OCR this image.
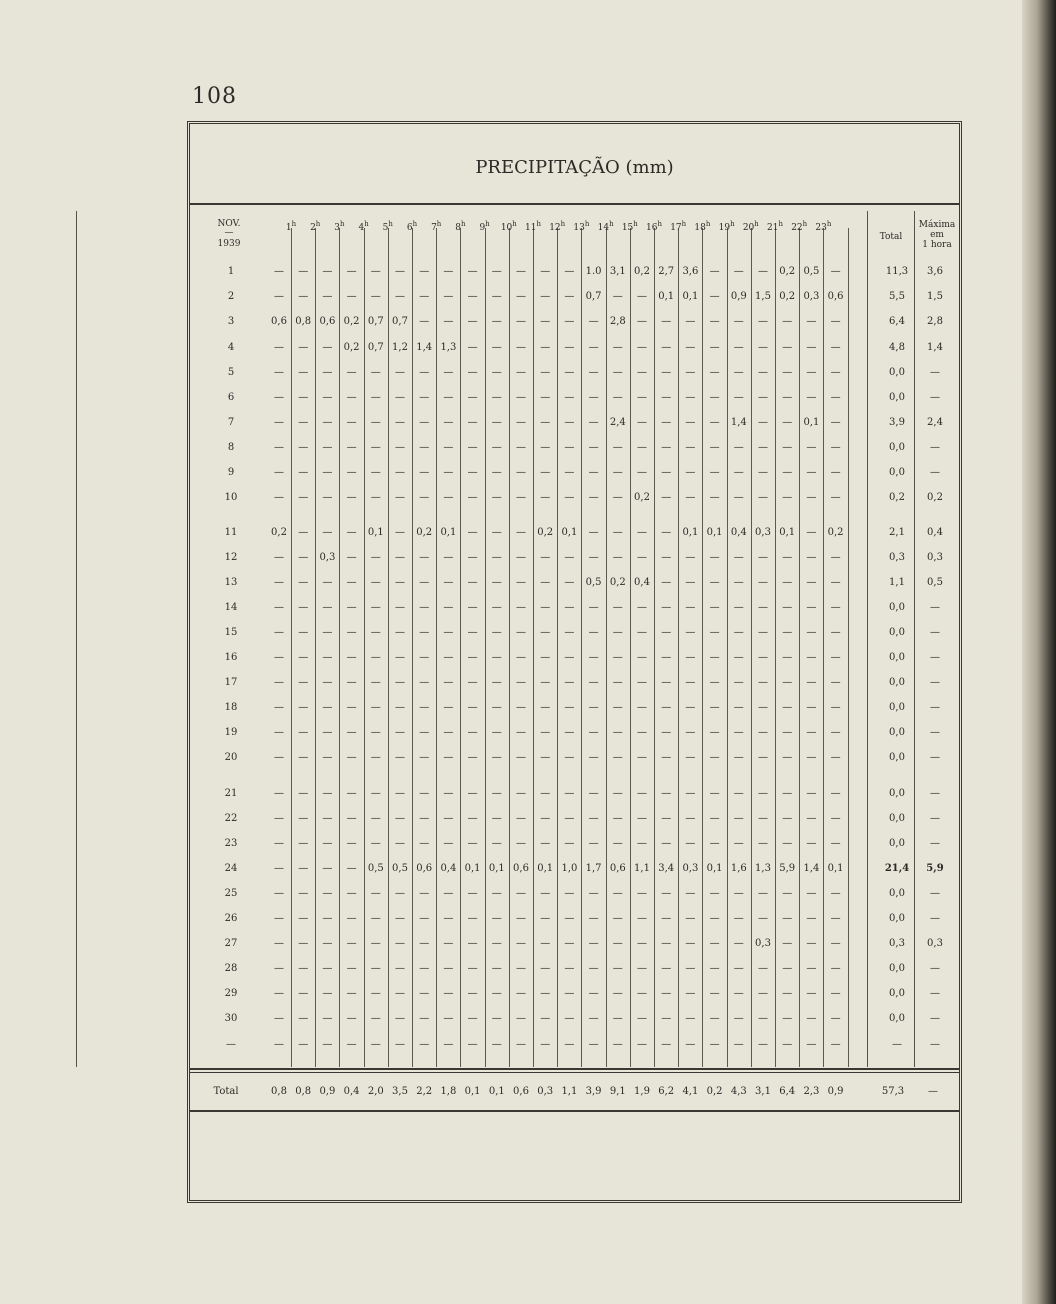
108
PRECIPITAÇÃO (mm)
NOV.
—
1939
Total
Máxima
em
1 hora
1$^h$ 2$^h$ 3$^h$ 4$^h$ 5$^h$ 6$^h$ 7$^h$ 8$^h$ 9$^h$ 10$^h$ 11$^h$ 12$^h$ 13$^h$ 14$^h$ 15$^h$ 16$^h$ 17$^h$ 18$^h$ 19$^h$ 20$^h$ 21$^h$ 22$^h$ 23$^h$
1	— — — — — — — — — — — — — 1.0 3,1 0,2 2,7 3,6 — — — 0,2 0,5 —	11,3 3,6
2	— — — — — — — — — — — — — 0,7 — — 0,1 0,1 — 0,9 1,5 0,2 0,3 0,6	5,5 1,5
3	0,6 0,8 0,6 0,2 0,7 0,7 — — — — — — — — 2,8 — — — — — — — — —	6,4 2,8
4	— — — 0,2 0,7 1,2 1,4 1,3 — — — — — — — — — — — — — — — —	4,8 1,4
5	— — — — — — — — — — — — — — — — — — — — — — — —	0,0	—
6	— — — — — — — — — — — — — — — — — — — — — — — —	0,0	—
7	— — — — — — — — — — — — — — 2,4 — — — — 1,4 — — 0,1 —	3,9 2,4
8	— — — — — — — — — — — — — — — — — — — — — — — —	0,0	—
9	— — — — — — — — — — — — — — — — — — — — — — — —	0,0	—
10	— — — — — — — — — — — — — — — 0,2 — — — — — — — —	0,2 0,2
11	0,2 — — — 0,1 — 0,2 0,1 — — — 0,2 0,1 — — — — 0,1 0,1 0,4 0,3 0,1 — 0,2	2,1 0,4
12	— — 0,3 — — — — — — — — — — — — — — — — — — — — —	0,3 0,3
13	— — — — — — — — — — — — — 0,5 0,2 0,4 — — — — — — — —	1,1 0,5
14	— — — — — — — — — — — — — — — — — — — — — — — —	0,0	—
15	— — — — — — — — — — — — — — — — — — — — — — — —	0,0	—
16	— — — — — — — — — — — — — — — — — — — — — — — —	0,0	—
17	— — — — — — — — — — — — — — — — — — — — — — — —	0,0	—
18	— — — — — — — — — — — — — — — — — — — — — — — —	0,0	—
19	— — — — — — — — — — — — — — — — — — — — — — — —	0,0	—
20	— — — — — — — — — — — — — — — — — — — — — — — —	0,0	—
21	— — — — — — — — — — — — — — — — — — — — — — — —	0,0	—
22	— — — — — — — — — — — — — — — — — — — — — — — —	0,0	—
23	— — — — — — — — — — — — — — — — — — — — — — — —	0,0	—
24	— — — — 0,5 0,5 0,6 0,4 0,1 0,1 0,6 0,1 1,0 1,7 0,6 1,1 3,4 0,3 0,1 1,6 1,3 5,9 1,4 0,1	21,4 5,9
25	— — — — — — — — — — — — — — — — — — — — — — — —	0,0	—
26	— — — — — — — — — — — — — — — — — — — — — — — —	0,0	—
27	— — — — — — — — — — — — — — — — — — — — 0,3 — — —	0,3 0,3
28	— — — — — — — — — — — — — — — — — — — — — — — —	0,0	—
29	— — — — — — — — — — — — — — — — — — — — — — — —	0,0	—
30	— — — — — — — — — — — — — — — — — — — — — — — —	0,0	—
—	— — — — — — — — — — — — — — — — — — — — — — — —	—	—
Total	0,8 0,8 0,9 0,4 2,0 3,5 2,2 1,8 0,1 0,1 0,6 0,3 1,1 3,9 9,1 1,9 6,2 4,1 0,2 4,3 3,1 6,4 2,3 0,9	57,3 —
